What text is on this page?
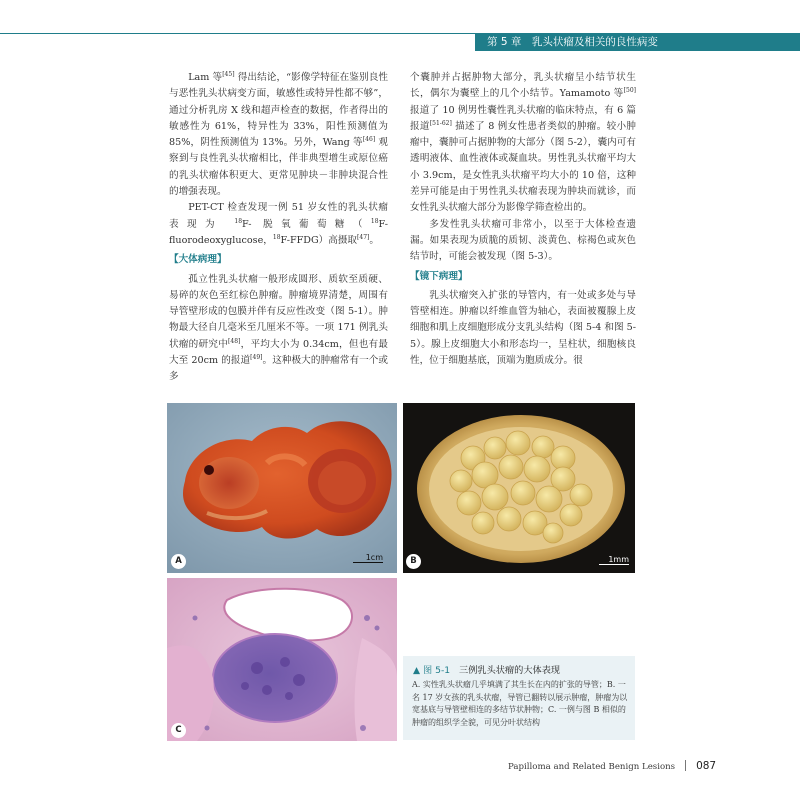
第 5 章　乳头状瘤及相关的良性病变

Lam 等[45] 得出结论，“影像学特征在鉴别良性与恶性乳头状病变方面，敏感性或特异性都不够”，通过分析乳房 X 线和超声检查的数据，作者得出的敏感性为 61%，特异性为 33%，阳性预测值为 85%，阴性预测值为 13%。另外，Wang 等[46] 观察到与良性乳头状瘤相比，伴非典型增生或原位癌的乳头状瘤体积更大、更常见肿块－非肿块混合性的增强表现。

PET-CT 检查发现一例 51 岁女性的乳头状瘤表现为 $^{18}$F- 脱氧葡萄糖（$^{18}$F-fluorodeoxyglucose，$^{18}$F-FFDG）高摄取[47]。

【大体病理】

孤立性乳头状瘤一般形成圆形、质软至质硬、易碎的灰色至红棕色肿瘤。肿瘤境界清楚，周围有导管壁形成的包膜并伴有反应性改变（图 5-1）。肿物最大径自几毫米至几厘米不等。一项 171 例乳头状瘤的研究中[48]，平均大小为 0.34cm，但也有最大至 20cm 的报道[49]。这种极大的肿瘤常有一个或多

个囊肿并占据肿物大部分，乳头状瘤呈小结节状生长，偶尔为囊壁上的几个小结节。Yamamoto 等[50] 报道了 10 例男性囊性乳头状瘤的临床特点，有 6 篇报道[51-62] 描述了 8 例女性患者类似的肿瘤。较小肿瘤中，囊肿可占据肿物的大部分（图 5-2），囊内可有透明液体、血性液体或凝血块。男性乳头状瘤平均大小 3.9cm，是女性乳头状瘤平均大小的 10 倍，这种差异可能是由于男性乳头状瘤表现为肿块而就诊，而女性乳头状瘤大部分为影像学筛查检出的。

多发性乳头状瘤可非常小，以至于大体检查遗漏。如果表现为质脆的质韧、淡黄色、棕褐色或灰色结节时，可能会被发现（图 5-3）。

【镜下病理】

乳头状瘤突入扩张的导管内，有一处或多处与导管壁相连。肿瘤以纤维血管为轴心，表面被覆腺上皮细胞和肌上皮细胞形成分支乳头结构（图 5-4 和图 5-5）。腺上皮细胞大小和形态均一，呈柱状，细胞核良性，位于细胞基底，顶端为胞质成分。很

A	1cm	B	1mm
C
▲ 图 5-1 三例乳头状瘤的大体表现
A. 实性乳头状瘤几乎填满了其生长在内的扩张的导管；B. 一名 17 岁女孩的乳头状瘤，导管已翻转以展示肿瘤，肿瘤为以宽基底与导管壁相连的多结节状肿物；C. 一例与图 B 相似的肿瘤的组织学全貌，可见分叶状结构
Papilloma and Related Benign Lesions 087
